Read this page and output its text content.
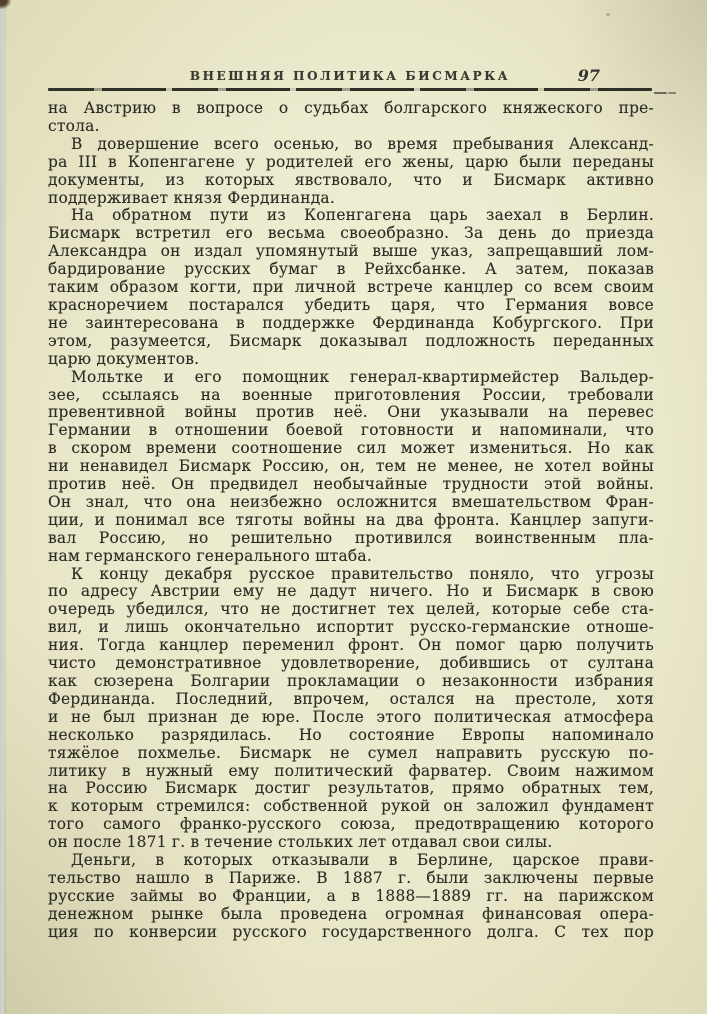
ВНЕШНЯЯ ПОЛИТИКА БИСМАРКА	97
на Австрию в вопросе о судьбах болгарского княжеского пре-
стола.
В довершение всего осенью, во время пребывания Александ-
ра III в Копенгагене у родителей его жены, царю были переданы
документы, из которых явствовало, что и Бисмарк активно
поддерживает князя Фердинанда.
На обратном пути из Копенгагена царь заехал в Берлин.
Бисмарк встретил его весьма своеобразно. За день до приезда
Александра он издал упомянутый выше указ, запрещавший лом-
бардирование русских бумаг в Рейхсбанке. А затем, показав
таким образом когти, при личной встрече канцлер со всем своим
красноречием постарался убедить царя, что Германия вовсе
не заинтересована в поддержке Фердинанда Кобургского. При
этом, разумеется, Бисмарк доказывал подложность переданных
царю документов.
Мольтке и его помощник генерал-квартирмейстер Вальдер-
зее, ссылаясь на военные приготовления России, требовали
превентивной войны против неё. Они указывали на перевес
Германии в отношении боевой готовности и напоминали, что
в скором времени соотношение сил может измениться. Но как
ни ненавидел Бисмарк Россию, он, тем не менее, не хотел войны
против неё. Он предвидел необычайные трудности этой войны.
Он знал, что она неизбежно осложнится вмешательством Фран-
ции, и понимал все тяготы войны на два фронта. Канцлер запуги-
вал Россию, но решительно противился воинственным пла-
нам германского генерального штаба.
К концу декабря русское правительство поняло, что угрозы
по адресу Австрии ему не дадут ничего. Но и Бисмарк в свою
очередь убедился, что не достигнет тех целей, которые себе ста-
вил, и лишь окончательно испортит русско-германские отноше-
ния. Тогда канцлер переменил фронт. Он помог царю получить
чисто демонстративное удовлетворение, добившись от султана
как сюзерена Болгарии прокламации о незаконности избрания
Фердинанда. Последний, впрочем, остался на престоле, хотя
и не был признан де юре. После этого политическая атмосфера
несколько разрядилась. Но состояние Европы напоминало
тяжёлое похмелье. Бисмарк не сумел направить русскую по-
литику в нужный ему политический фарватер. Своим нажимом
на Россию Бисмарк достиг результатов, прямо обратных тем,
к которым стремился: собственной рукой он заложил фундамент
того самого франко-русского союза, предотвращению которого
он после 1871 г. в течение стольких лет отдавал свои силы.
Деньги, в которых отказывали в Берлине, царское прави-
тельство нашло в Париже. В 1887 г. были заключены первые
русские займы во Франции, а в 1888—1889 гг. на парижском
денежном рынке была проведена огромная финансовая опера-
ция по конверсии русского государственного долга. С тех пор
